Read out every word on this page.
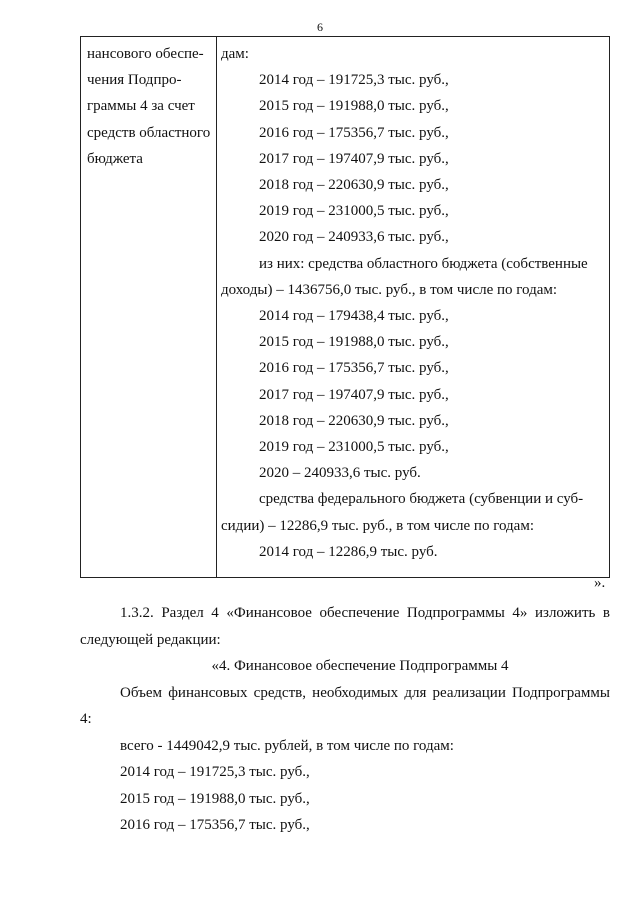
6
нансового обеспе-
чения Подпро-
граммы 4 за счет
средств областного
бюджета
дам:
2014 год – 191725,3 тыс. руб.,
2015 год – 191988,0 тыс. руб.,
2016 год – 175356,7 тыс. руб.,
2017 год – 197407,9 тыс. руб.,
2018 год – 220630,9 тыс. руб.,
2019 год – 231000,5 тыс. руб.,
2020 год – 240933,6 тыс. руб.,
из них: средства областного бюджета (собственные
доходы) – 1436756,0 тыс. руб., в том числе по годам:
2014 год – 179438,4 тыс. руб.,
2015 год – 191988,0 тыс. руб.,
2016 год – 175356,7 тыс. руб.,
2017 год – 197407,9 тыс. руб.,
2018 год – 220630,9 тыс. руб.,
2019 год – 231000,5 тыс. руб.,
2020 – 240933,6 тыс. руб.
средства федерального бюджета (субвенции и суб-
сидии) – 12286,9 тыс. руб., в том числе по годам:
2014 год – 12286,9 тыс. руб.
».
1.3.2. Раздел 4 «Финансовое обеспечение Подпрограммы 4» изложить в следующей редакции:
«4. Финансовое обеспечение Подпрограммы 4
Объем финансовых средств, необходимых для реализации Подпрограммы 4:
всего - 1449042,9 тыс. рублей, в том числе по годам:
2014 год – 191725,3 тыс. руб.,
2015 год – 191988,0 тыс. руб.,
2016 год – 175356,7 тыс. руб.,
